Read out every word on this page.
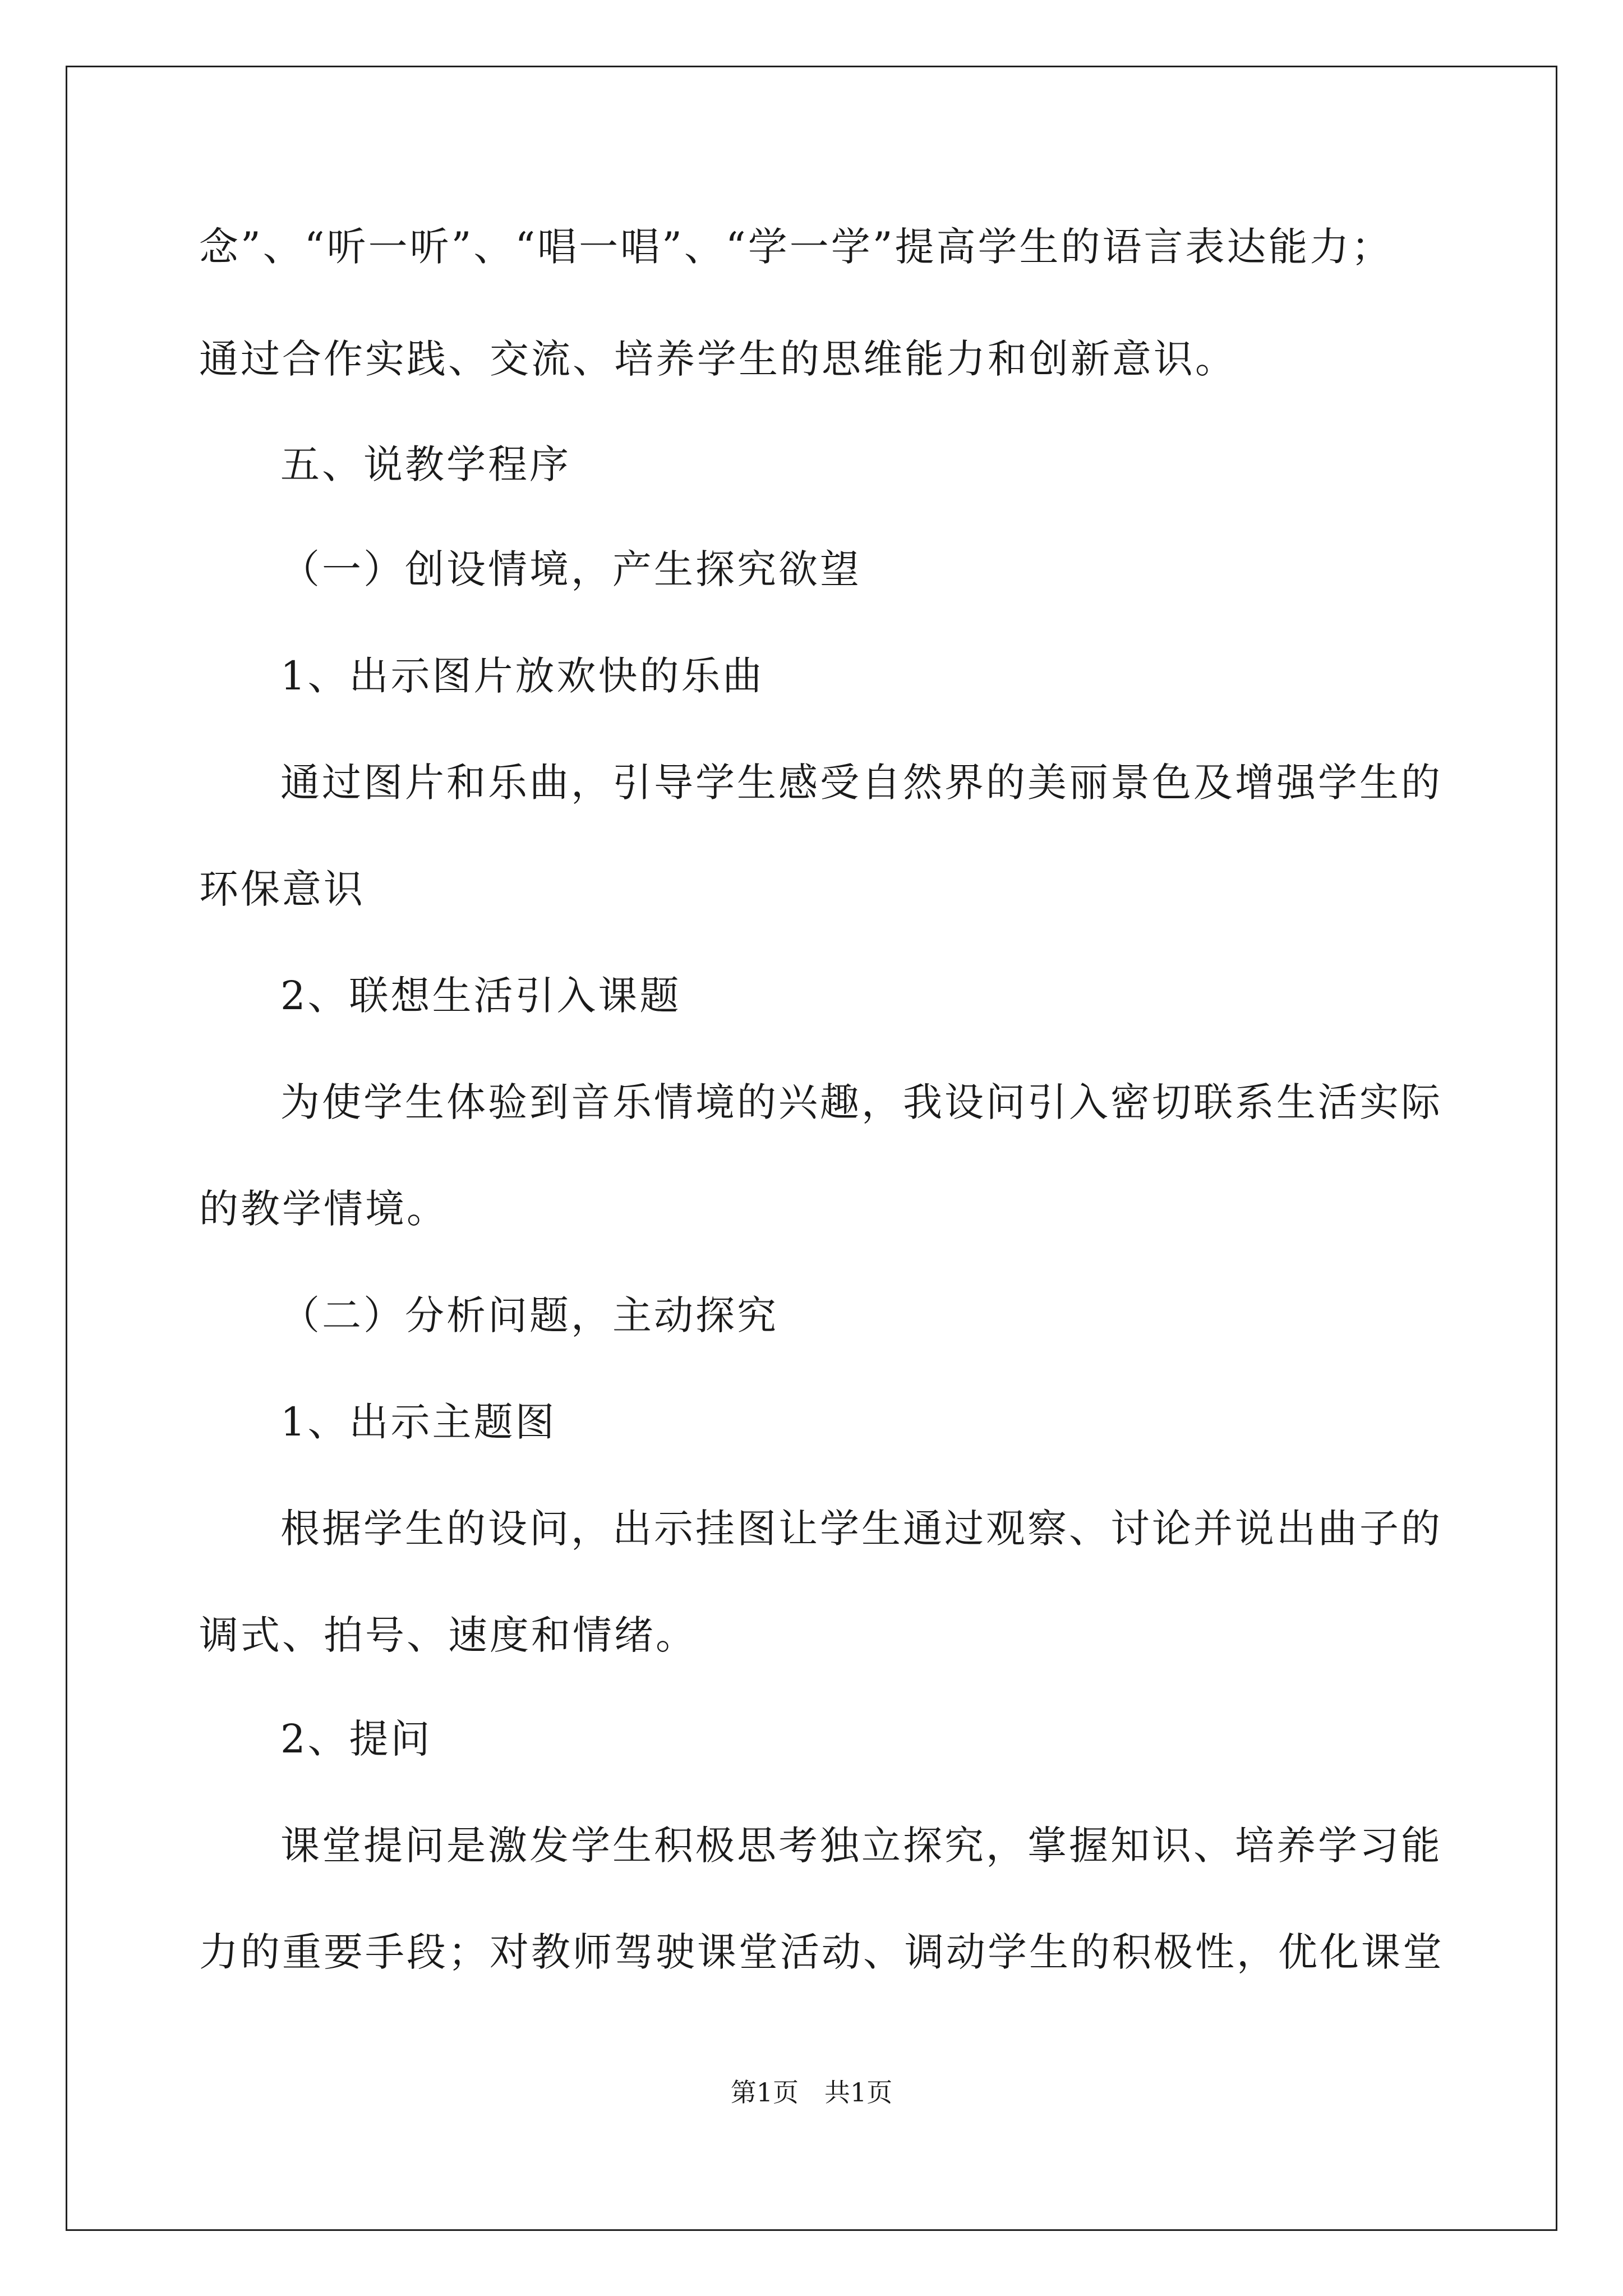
念”、“听一听”、“唱一唱”、“学一学”提高学生的语言表达能力；
通过合作实践、交流、培养学生的思维能力和创新意识。
五、说教学程序
（一）创设情境，产生探究欲望
1、出示图片放欢快的乐曲
通过图片和乐曲，引导学生感受自然界的美丽景色及增强学生的
环保意识
2、联想生活引入课题
为使学生体验到音乐情境的兴趣，我设问引入密切联系生活实际
的教学情境。
（二）分析问题，主动探究
1、出示主题图
根据学生的设问，出示挂图让学生通过观察、讨论并说出曲子的
调式、拍号、速度和情绪。
2、提问
课堂提问是激发学生积极思考独立探究，掌握知识、培养学习能
力的重要手段；对教师驾驶课堂活动、调动学生的积极性，优化课堂
第1页　共1页
